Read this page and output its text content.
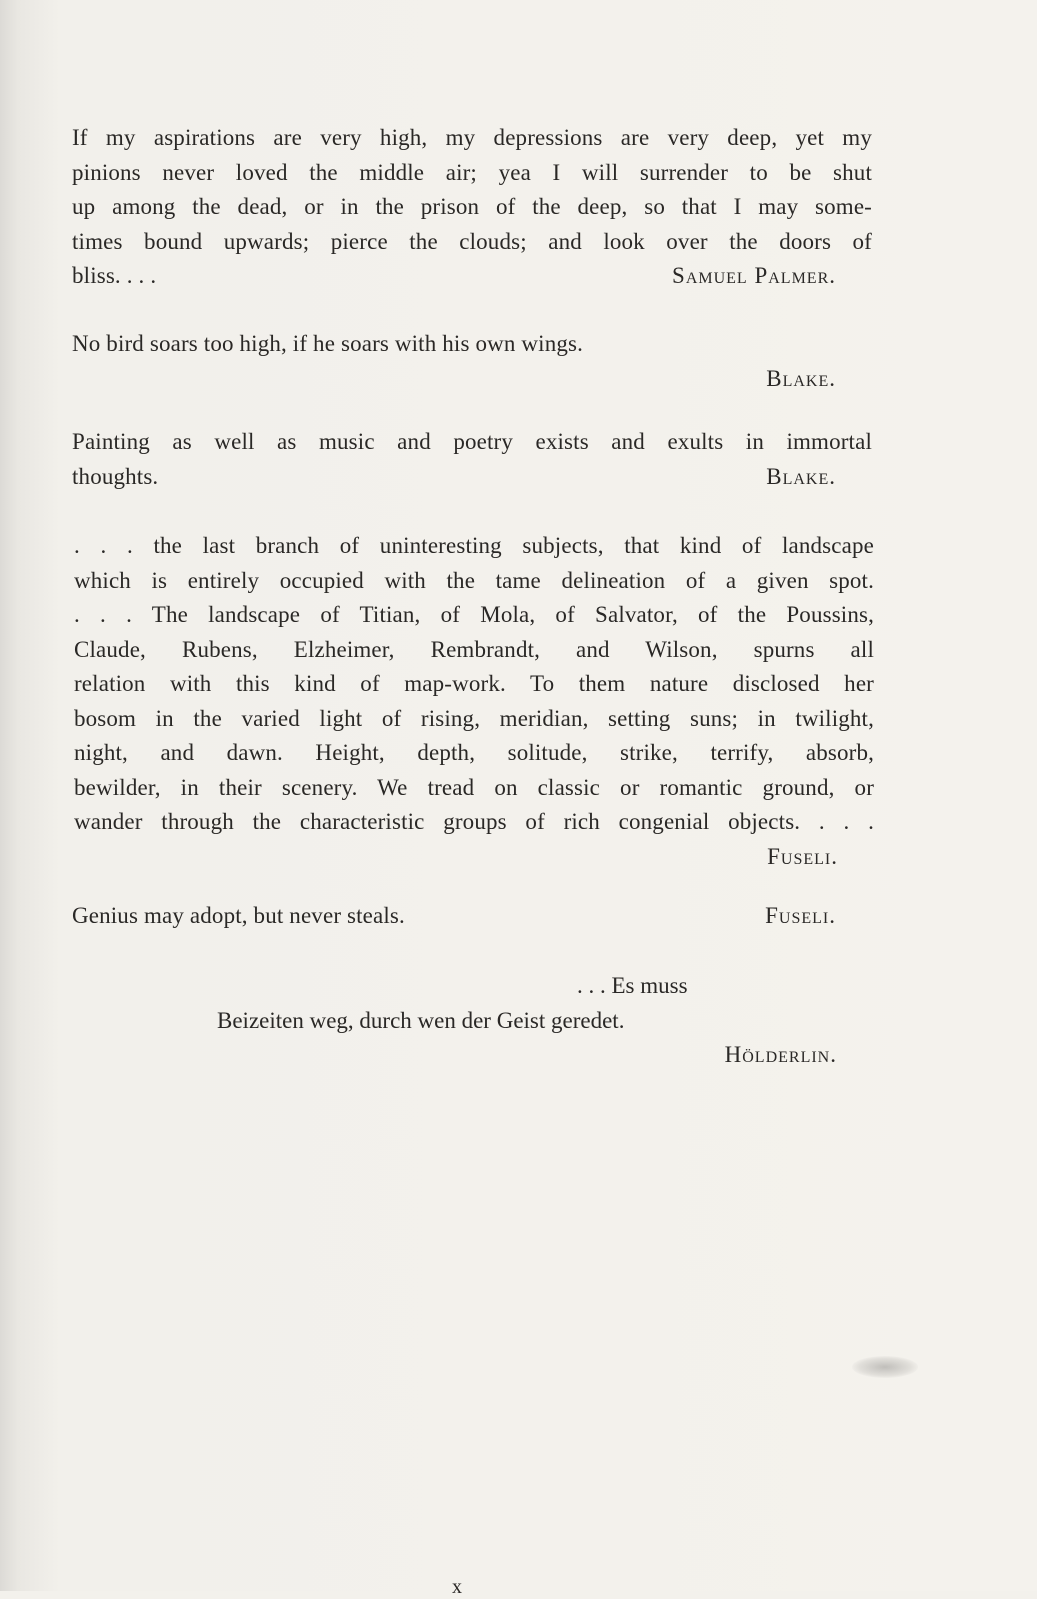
If my aspirations are very high, my depressions are very deep, yet my
pinions never loved the middle air; yea I will surrender to be shut
up among the dead, or in the prison of the deep, so that I may some-
times bound upwards; pierce the clouds; and look over the doors of
bliss. . . .	Samuel Palmer.
No bird soars too high, if he soars with his own wings.
Blake.
Painting as well as music and poetry exists and exults in immortal
thoughts.	Blake.
. . . the last branch of uninteresting subjects, that kind of landscape
which is entirely occupied with the tame delineation of a given spot.
. . . The landscape of Titian, of Mola, of Salvator, of the Poussins,
Claude, Rubens, Elzheimer, Rembrandt, and Wilson, spurns all
relation with this kind of map-work. To them nature disclosed her
bosom in the varied light of rising, meridian, setting suns; in twilight,
night, and dawn. Height, depth, solitude, strike, terrify, absorb,
bewilder, in their scenery. We tread on classic or romantic ground, or
wander through the characteristic groups of rich congenial objects. . . .
Fuseli.
Genius may adopt, but never steals.	Fuseli.
. . . Es muss
Beizeiten weg, durch wen der Geist geredet.
Hölderlin.
x
